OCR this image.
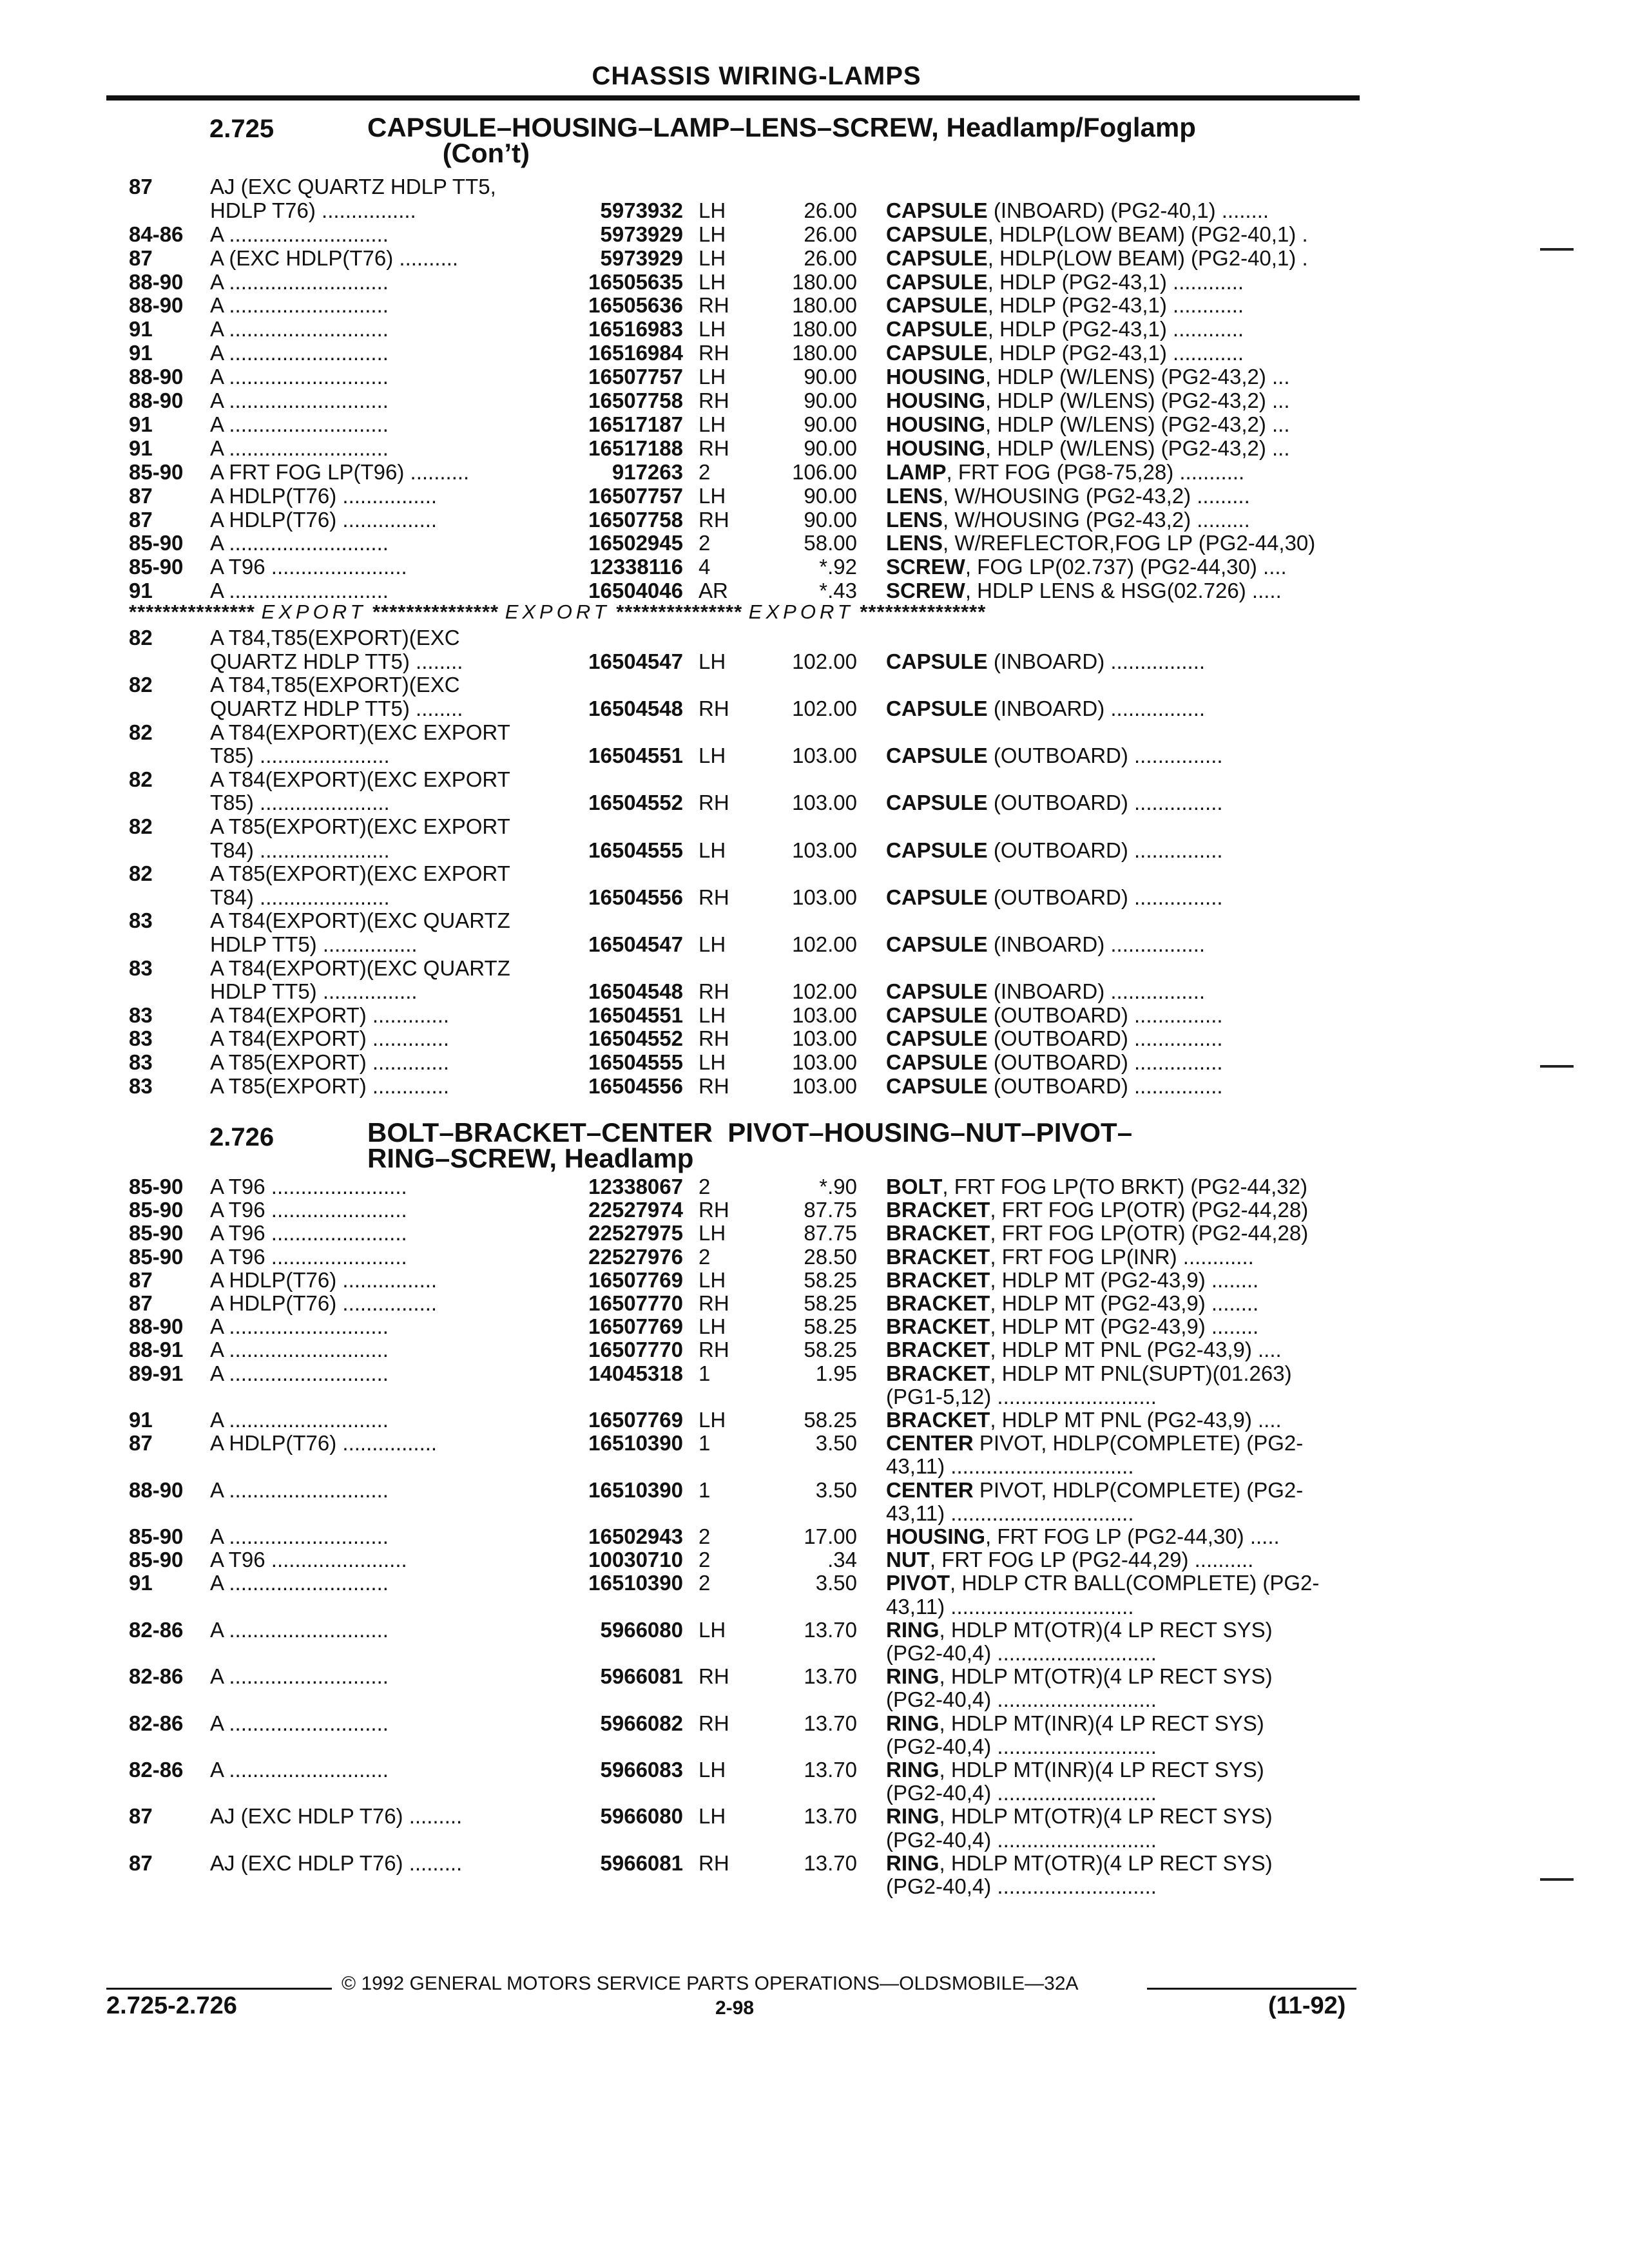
CHASSIS WIRING-LAMPS
2.725	CAPSULE–HOUSING–LAMP–LENS–SCREW, Headlamp/Foglamp
(Con’t)
87	AJ (EXC QUARTZ HDLP TT5,
HDLP T76) ................	5973932 LH	26.00 CAPSULE (INBOARD) (PG2-40,1) ........
84-86 A ...........................	5973929 LH	26.00 CAPSULE, HDLP(LOW BEAM) (PG2-40,1) .
87	A (EXC HDLP(T76) ..........	5973929 LH	26.00 CAPSULE, HDLP(LOW BEAM) (PG2-40,1) .
88-90 A ...........................	16505635 LH	180.00 CAPSULE, HDLP (PG2-43,1) ............
88-90 A ...........................	16505636 RH	180.00 CAPSULE, HDLP (PG2-43,1) ............
91	A ...........................	16516983 LH	180.00 CAPSULE, HDLP (PG2-43,1) ............
91	A ...........................	16516984 RH	180.00 CAPSULE, HDLP (PG2-43,1) ............
88-90 A ...........................	16507757 LH	90.00 HOUSING, HDLP (W/LENS) (PG2-43,2) ...
88-90 A ...........................	16507758 RH	90.00 HOUSING, HDLP (W/LENS) (PG2-43,2) ...
91	A ...........................	16517187 LH	90.00 HOUSING, HDLP (W/LENS) (PG2-43,2) ...
91	A ...........................	16517188 RH	90.00 HOUSING, HDLP (W/LENS) (PG2-43,2) ...
85-90 A FRT FOG LP(T96) ..........	917263 2	106.00 LAMP, FRT FOG (PG8-75,28) ...........
87	A HDLP(T76) ................	16507757 LH	90.00 LENS, W/HOUSING (PG2-43,2) .........
87	A HDLP(T76) ................	16507758 RH	90.00 LENS, W/HOUSING (PG2-43,2) .........
85-90 A ...........................	16502945 2	58.00 LENS, W/REFLECTOR,FOG LP (PG2-44,30)
85-90 A T96 .......................	12338116 4	*.92 SCREW, FOG LP(02.737) (PG2-44,30) ....
91	A ...........................	16504046 AR	*.43 SCREW, HDLP LENS & HSG(02.726) .....
*************** EXPORT *************** EXPORT *************** EXPORT ***************
82	A T84,T85(EXPORT)(EXC
QUARTZ HDLP TT5) ........	16504547 LH	102.00 CAPSULE (INBOARD) ................
82	A T84,T85(EXPORT)(EXC
QUARTZ HDLP TT5) ........	16504548 RH	102.00 CAPSULE (INBOARD) ................
82	A T84(EXPORT)(EXC EXPORT
T85) ......................	16504551 LH	103.00 CAPSULE (OUTBOARD) ...............
82	A T84(EXPORT)(EXC EXPORT
T85) ......................	16504552 RH	103.00 CAPSULE (OUTBOARD) ...............
82	A T85(EXPORT)(EXC EXPORT
T84) ......................	16504555 LH	103.00 CAPSULE (OUTBOARD) ...............
82	A T85(EXPORT)(EXC EXPORT
T84) ......................	16504556 RH	103.00 CAPSULE (OUTBOARD) ...............
83	A T84(EXPORT)(EXC QUARTZ
HDLP TT5) ................	16504547 LH	102.00 CAPSULE (INBOARD) ................
83	A T84(EXPORT)(EXC QUARTZ
HDLP TT5) ................	16504548 RH	102.00 CAPSULE (INBOARD) ................
83	A T84(EXPORT) .............	16504551 LH	103.00 CAPSULE (OUTBOARD) ...............
83	A T84(EXPORT) .............	16504552 RH	103.00 CAPSULE (OUTBOARD) ...............
83	A T85(EXPORT) .............	16504555 LH	103.00 CAPSULE (OUTBOARD) ...............
83	A T85(EXPORT) .............	16504556 RH	103.00 CAPSULE (OUTBOARD) ...............
2.726	BOLT–BRACKET–CENTER  PIVOT–HOUSING–NUT–PIVOT–
RING–SCREW, Headlamp
85-90 A T96 .......................	12338067 2	*.90 BOLT, FRT FOG LP(TO BRKT) (PG2-44,32)
85-90 A T96 .......................	22527974 RH	87.75 BRACKET, FRT FOG LP(OTR) (PG2-44,28)
85-90 A T96 .......................	22527975 LH	87.75 BRACKET, FRT FOG LP(OTR) (PG2-44,28)
85-90 A T96 .......................	22527976 2	28.50 BRACKET, FRT FOG LP(INR) ............
87	A HDLP(T76) ................	16507769 LH	58.25 BRACKET, HDLP MT (PG2-43,9) ........
87	A HDLP(T76) ................	16507770 RH	58.25 BRACKET, HDLP MT (PG2-43,9) ........
88-90 A ...........................	16507769 LH	58.25 BRACKET, HDLP MT (PG2-43,9) ........
88-91 A ...........................	16507770 RH	58.25 BRACKET, HDLP MT PNL (PG2-43,9) ....
89-91 A ...........................	14045318 1	1.95 BRACKET, HDLP MT PNL(SUPT)(01.263)
(PG1-5,12) ...........................
91	A ...........................	16507769 LH	58.25 BRACKET, HDLP MT PNL (PG2-43,9) ....
87	A HDLP(T76) ................	16510390 1	3.50 CENTER PIVOT, HDLP(COMPLETE) (PG2-
43,11) ...............................
88-90 A ...........................	16510390 1	3.50 CENTER PIVOT, HDLP(COMPLETE) (PG2-
43,11) ...............................
85-90 A ...........................	16502943 2	17.00 HOUSING, FRT FOG LP (PG2-44,30) .....
85-90 A T96 .......................	10030710 2	.34 NUT, FRT FOG LP (PG2-44,29) ..........
91	A ...........................	16510390 2	3.50 PIVOT, HDLP CTR BALL(COMPLETE) (PG2-
43,11) ...............................
82-86 A ...........................	5966080 LH	13.70 RING, HDLP MT(OTR)(4 LP RECT SYS)
(PG2-40,4) ...........................
82-86 A ...........................	5966081 RH	13.70 RING, HDLP MT(OTR)(4 LP RECT SYS)
(PG2-40,4) ...........................
82-86 A ...........................	5966082 RH	13.70 RING, HDLP MT(INR)(4 LP RECT SYS)
(PG2-40,4) ...........................
82-86 A ...........................	5966083 LH	13.70 RING, HDLP MT(INR)(4 LP RECT SYS)
(PG2-40,4) ...........................
87	AJ (EXC HDLP T76) .........	5966080 LH	13.70 RING, HDLP MT(OTR)(4 LP RECT SYS)
(PG2-40,4) ...........................
87	AJ (EXC HDLP T76) .........	5966081 RH	13.70 RING, HDLP MT(OTR)(4 LP RECT SYS)
(PG2-40,4) ...........................
© 1992 GENERAL MOTORS SERVICE PARTS OPERATIONS—OLDSMOBILE—32A
2.725-2.726	2-98	(11-92)
